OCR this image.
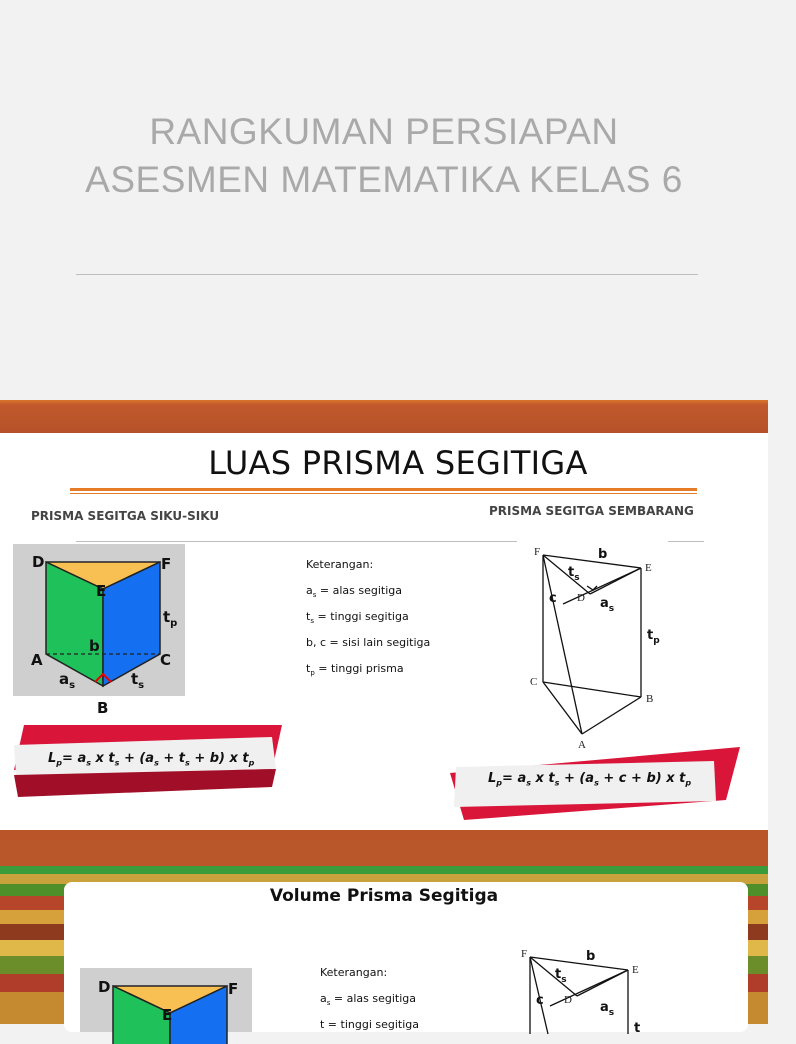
RANGKUMAN PERSIAPAN
ASESMEN MATEMATIKA KELAS 6
LUAS PRISMA SEGITIGA
PRISMA SEGITGA SIKU-SIKU	PRISMA SEGITGA SEMBARANG
D	F
E
A	C
b
B
$t_p$
$a_s$	$t_s$
Keterangan:
$a_s$ = alas segitiga
$t_s$ = tinggi segitiga
b, c = sisi lain segitiga
$t_p$ = tinggi prisma
F
E
D
C
B
A
b
c
$t_s$
$a_s$
$t_p$
$L_p= a_s$ x $t_s + (a_s + t_s + b)$ x $t_p$
$L_p= a_s$ x $t_s + (a_s + c + b)$ x $t_p$
Volume Prisma Segitiga
D	F
E
Keterangan:
$a_s$ = alas segitiga
t = tinggi segitiga
F
E
D
b
c
$t_s$
$a_s$
t
